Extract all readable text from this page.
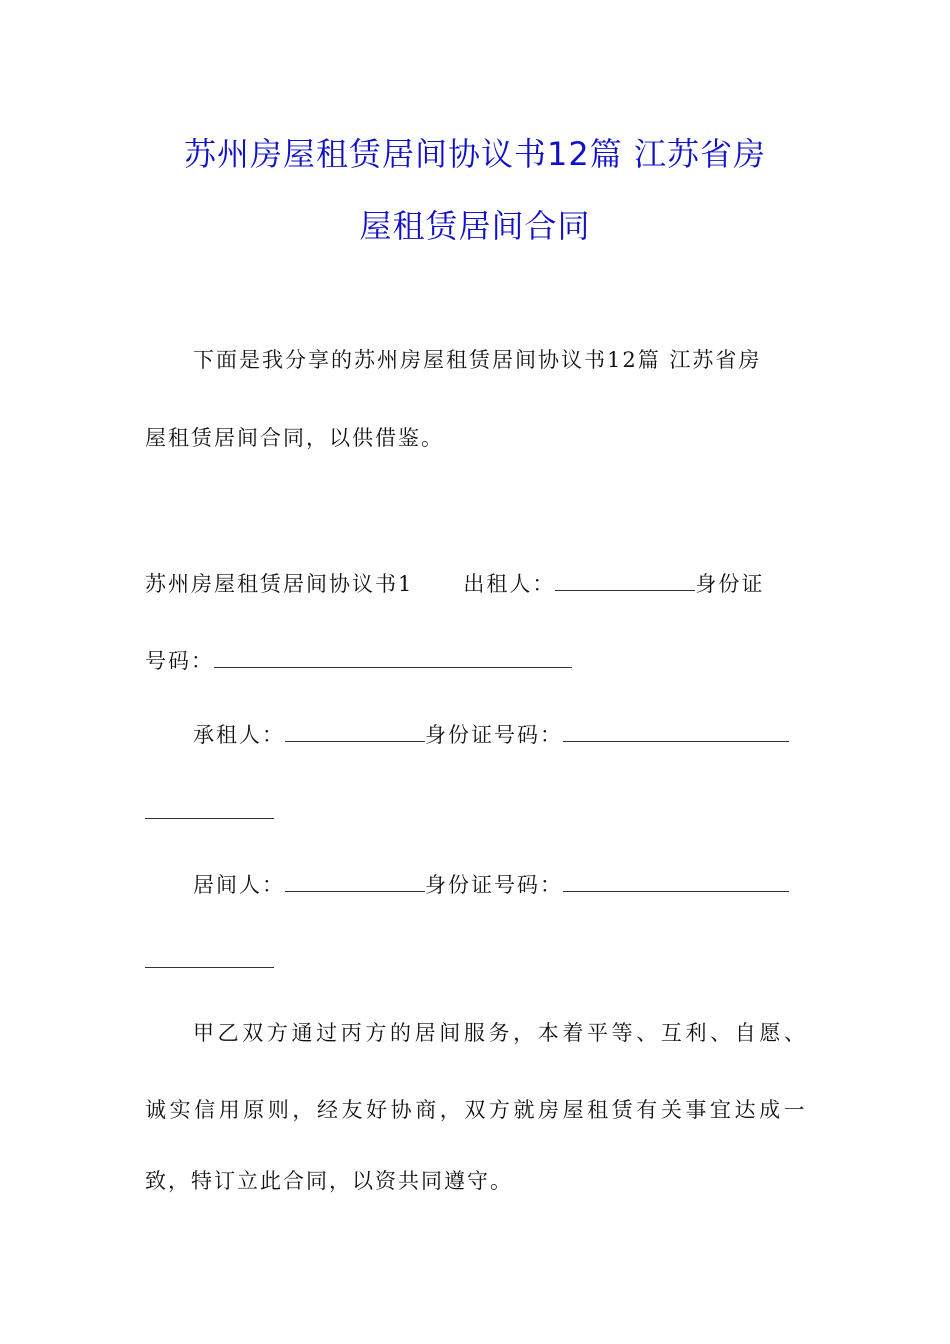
苏州房屋租赁居间协议书12篇 江苏省房
屋租赁居间合同
下面是我分享的苏州房屋租赁居间协议书12篇 江苏省房
屋租赁居间合同，以供借鉴。
苏州房屋租赁居间协议书1 出租人：	身份证
号码：
承租人：	身份证号码：
居间人：	身份证号码：
甲 乙 双 方 通 过 丙 方 的 居 间 服 务 ， 本 着 平 等 、 互 利 、 自 愿 、
诚 实 信 用 原 则 ， 经 友 好 协 商 ， 双 方 就 房 屋 租 赁 有 关 事 宜 达 成 一
致，特订立此合同，以资共同遵守。
